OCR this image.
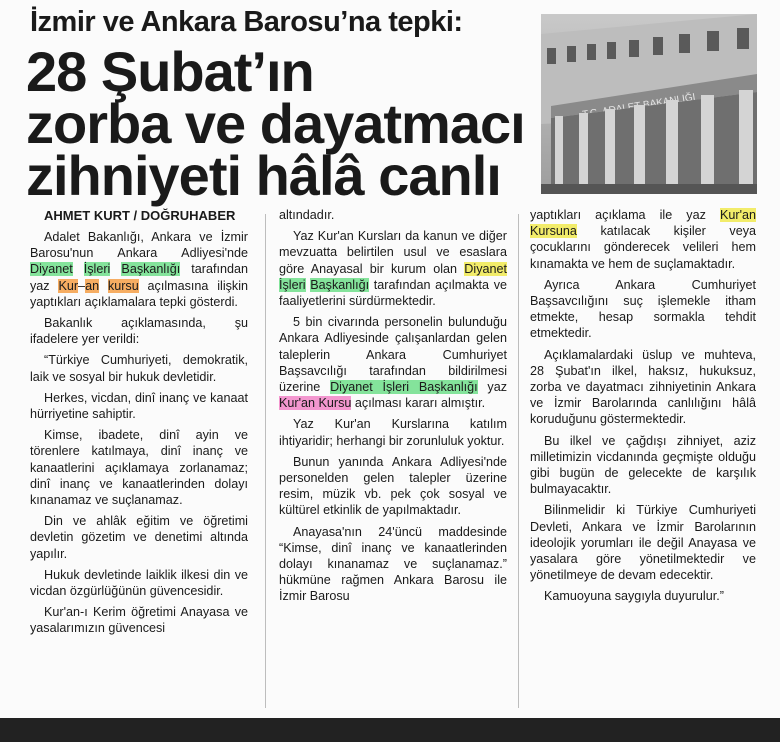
İzmir ve Ankara Barosu’na tepki:
28 Şubat’ın
zorba ve dayatmacı
zihniyeti hâlâ canlı
ADALET
AHMET KURT / DOĞRUHABER

Adalet Bakanlığı, Ankara ve İzmir Barosu'nun Ankara Adliyesi'nde Diyanet İşleri Başkanlığı tarafından yaz Kur–an kursu açılmasına ilişkin yaptıkları açıklamalara tepki gösterdi.

Bakanlık açıklamasında, şu ifadelere yer verildi:

“Türkiye Cumhuriyeti, demokratik, laik ve sosyal bir hukuk devletidir.

Herkes, vicdan, dinî inanç ve kanaat hürriyetine sahiptir.

Kimse, ibadete, dinî ayin ve törenlere katılmaya, dinî inanç ve kanaatlerini açıklamaya zorlanamaz; dinî inanç ve kanaatlerinden dolayı kınanamaz ve suçlanamaz.

Din ve ahlâk eğitim ve öğretimi devletin gözetim ve denetimi altında yapılır.

Hukuk devletinde laiklik ilkesi din ve vicdan özgürlüğünün güvencesidir.

Kur'an-ı Kerim öğretimi Anayasa ve yasalarımızın güvencesi

altındadır.

Yaz Kur'an Kursları da kanun ve diğer mevzuatta belirtilen usul ve esaslara göre Anayasal bir kurum olan Diyanet İşleri Başkanlığı tarafından açılmakta ve faaliyetlerini sürdürmektedir.

5 bin civarında personelin bulunduğu Ankara Adliyesinde çalışanlardan gelen taleplerin Ankara Cumhuriyet Başsavcılığı tarafından bildirilmesi üzerine Diyanet İşleri Başkanlığı yaz Kur'an Kursu açılması kararı almıştır.

Yaz Kur'an Kurslarına katılım ihtiyaridir; herhangi bir zorunluluk yoktur.

Bunun yanında Ankara Adliyesi'nde personelden gelen talepler üzerine resim, müzik vb. pek çok sosyal ve kültürel etkinlik de yapılmaktadır.

Anayasa'nın 24'üncü maddesinde “Kimse, dinî inanç ve kanaatlerinden dolayı kınanamaz ve suçlanamaz.” hükmüne rağmen Ankara Barosu ile İzmir Barosu

yaptıkları açıklama ile yaz Kur'an Kursuna katılacak kişiler veya çocuklarını gönderecek velileri hem kınamakta ve hem de suçlamaktadır.

Ayrıca Ankara Cumhuriyet Başsavcılığını suç işlemekle itham etmekte, hesap sormakla tehdit etmektedir.

Açıklamalardaki üslup ve muhteva, 28 Şubat'ın ilkel, haksız, hukuksuz, zorba ve dayatmacı zihniyetinin Ankara ve İzmir Barolarında canlılığını hâlâ koruduğunu göstermektedir.

Bu ilkel ve çağdışı zihniyet, aziz milletimizin vicdanında geçmişte olduğu gibi bugün de gelecekte de karşılık bulmayacaktır.

Bilinmelidir ki Türkiye Cumhuriyeti Devleti, Ankara ve İzmir Barolarının ideolojik yorumları ile değil Anayasa ve yasalara göre yönetilmektedir ve yönetilmeye de devam edecektir.

Kamuoyuna saygıyla duyurulur.”
